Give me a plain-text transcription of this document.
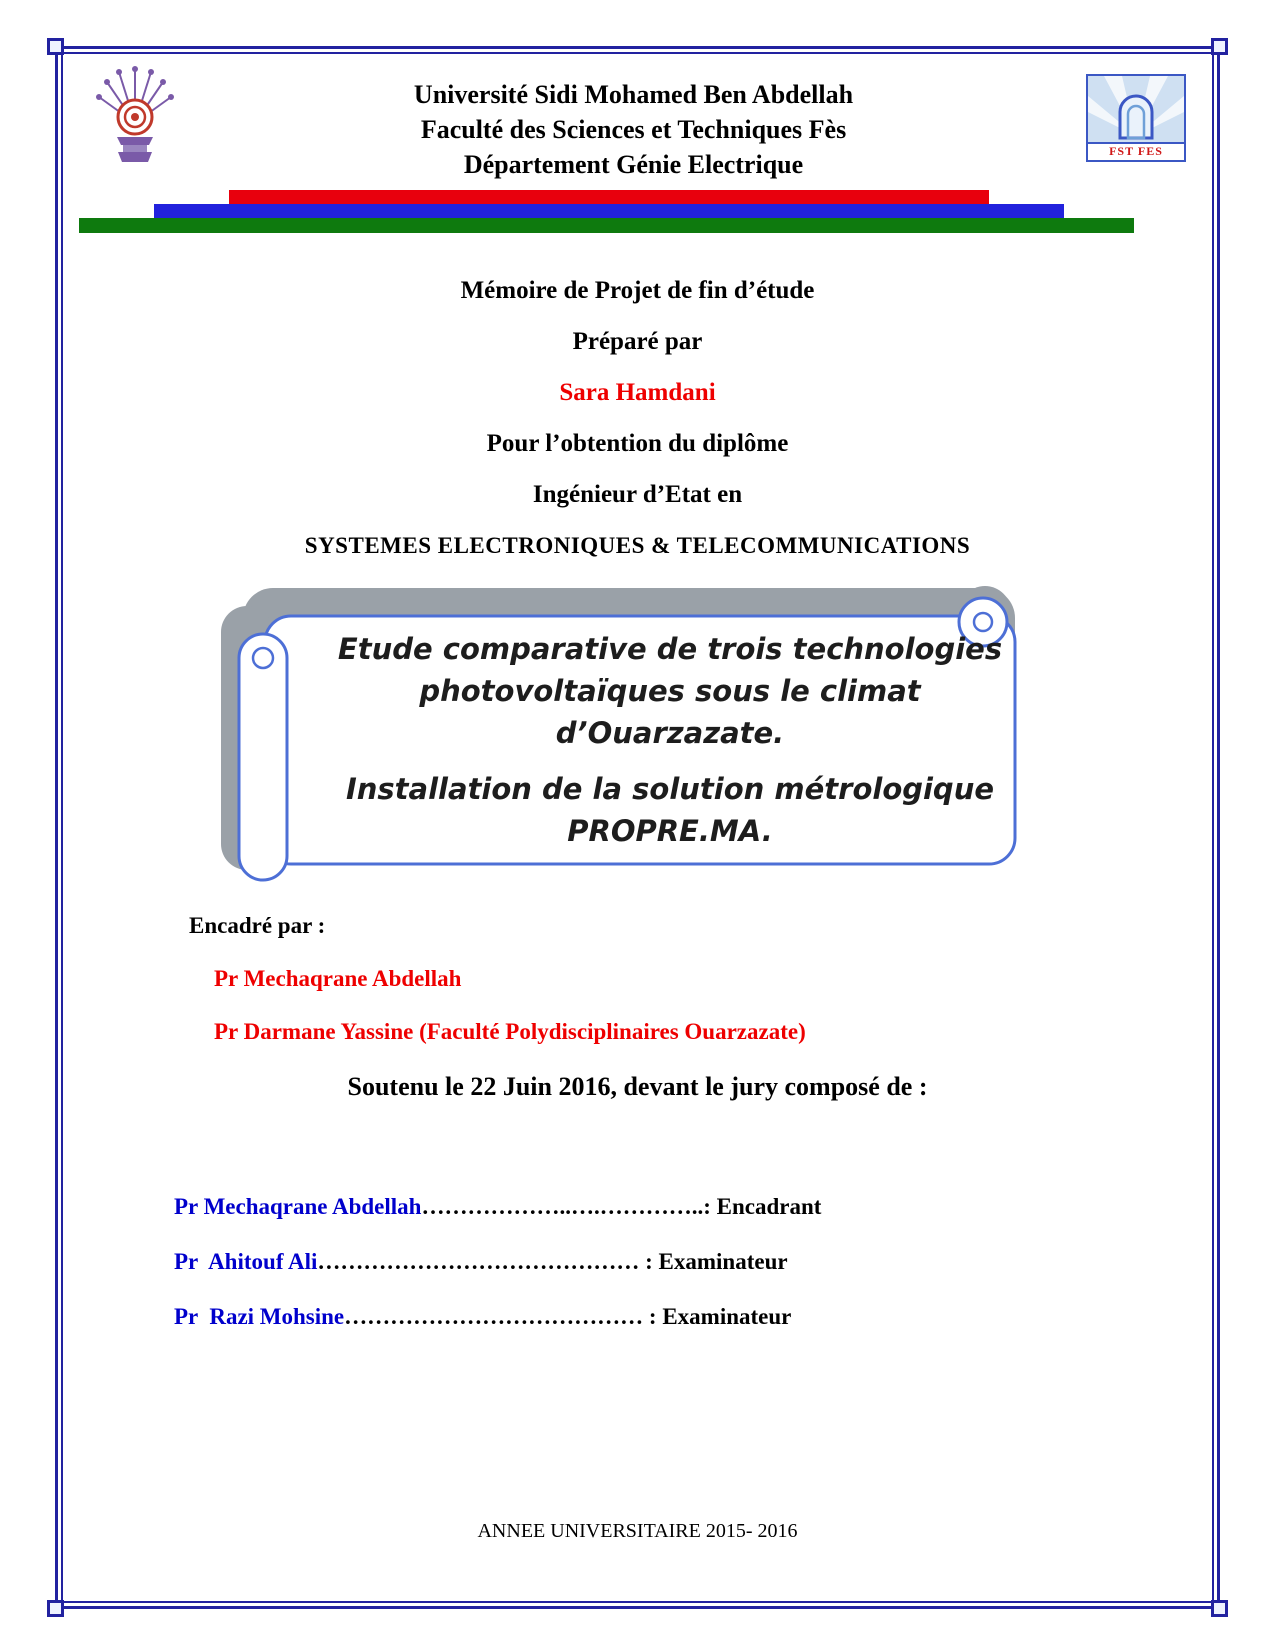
Université Sidi Mohamed Ben Abdellah
Faculté des Sciences et Techniques Fès
Département Génie Electrique	FST FES

Mémoire de Projet de fin d’étude

Préparé par

Sara Hamdani

Pour l’obtention du diplôme

Ingénieur d’Etat en

SYSTEMES ELECTRONIQUES & TELECOMMUNICATIONS

Etude comparative de trois technologies photovoltaïques sous le climat d’Ouarzazate.

Installation de la solution métrologique PROPRE.MA.

Encadré par :

Pr Mechaqrane Abdellah

Pr Darmane Yassine (Faculté Polydisciplinaires Ouarzazate)

Soutenu le 22 Juin 2016, devant le jury composé de :

Pr Mechaqrane Abdellah………………..….…………..: Encadrant

Pr  Ahitouf Ali…………………………………… : Examinateur

Pr  Razi Mohsine………………………………… : Examinateur

ANNEE UNIVERSITAIRE 2015- 2016
